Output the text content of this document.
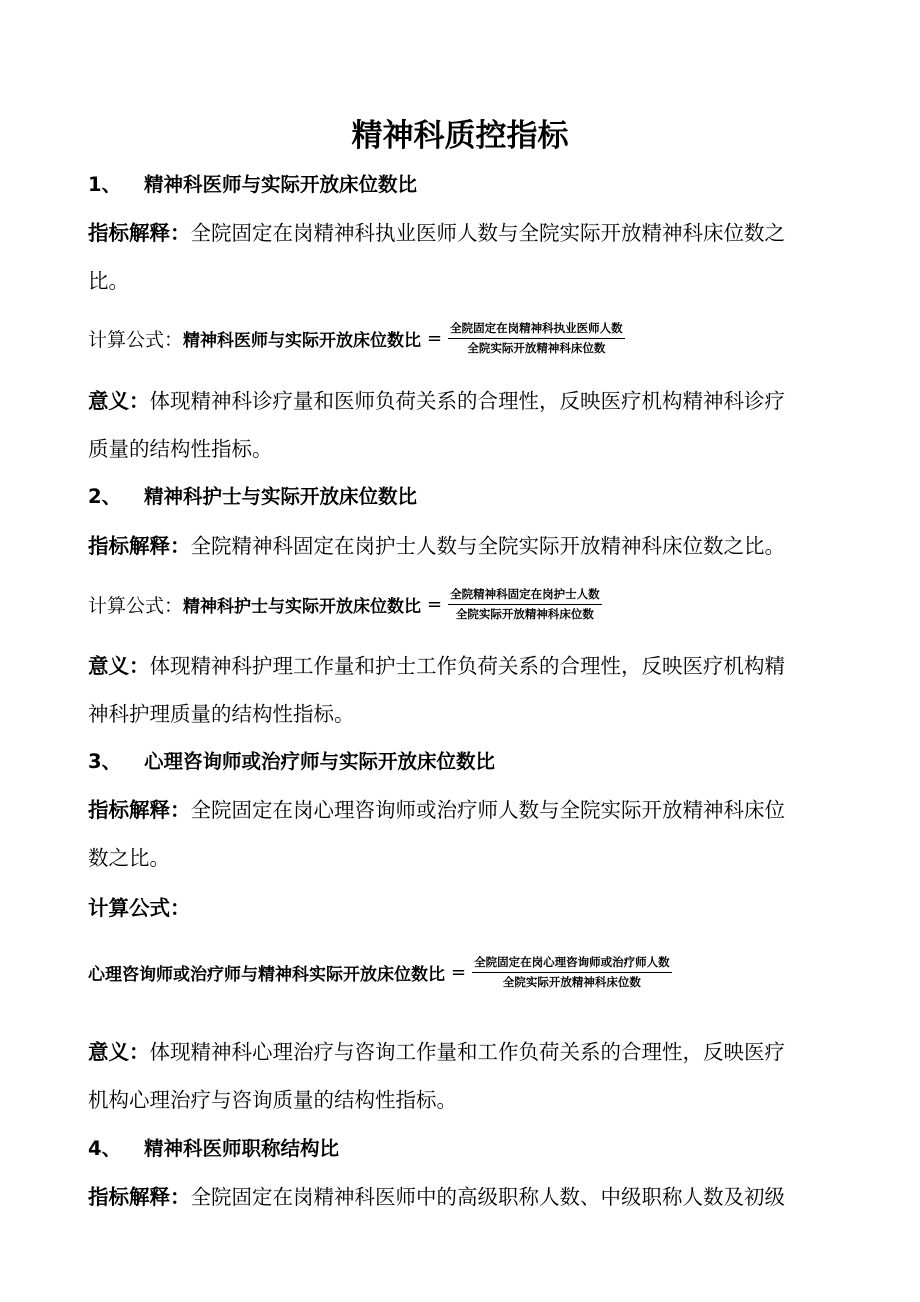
精神科质控指标
1、 精神科医师与实际开放床位数比
指标解释：全院固定在岗精神科执业医师人数与全院实际开放精神科床位数之
比。
计算公式： 精神科医师与实际开放床位数比 = $\frac{\text{全院固定在岗精神科执业医师人数}}{\text{全院实际开放精神科床位数}}$
意义：体现精神科诊疗量和医师负荷关系的合理性，反映医疗机构精神科诊疗
质量的结构性指标。
2、 精神科护士与实际开放床位数比
指标解释：全院精神科固定在岗护士人数与全院实际开放精神科床位数之比。
计算公式： 精神科护士与实际开放床位数比 = $\frac{\text{全院精神科固定在岗护士人数}}{\text{全院实际开放精神科床位数}}$
意义：体现精神科护理工作量和护士工作负荷关系的合理性，反映医疗机构精
神科护理质量的结构性指标。
3、 心理咨询师或治疗师与实际开放床位数比
指标解释：全院固定在岗心理咨询师或治疗师人数与全院实际开放精神科床位
数之比。
计算公式：
心理咨询师或治疗师与精神科实际开放床位数比 = $\frac{\text{全院固定在岗心理咨询师或治疗师人数}}{\text{全院实际开放精神科床位数}}$
意义：体现精神科心理治疗与咨询工作量和工作负荷关系的合理性，反映医疗
机构心理治疗与咨询质量的结构性指标。
4、 精神科医师职称结构比
指标解释：全院固定在岗精神科医师中的高级职称人数、中级职称人数及初级
